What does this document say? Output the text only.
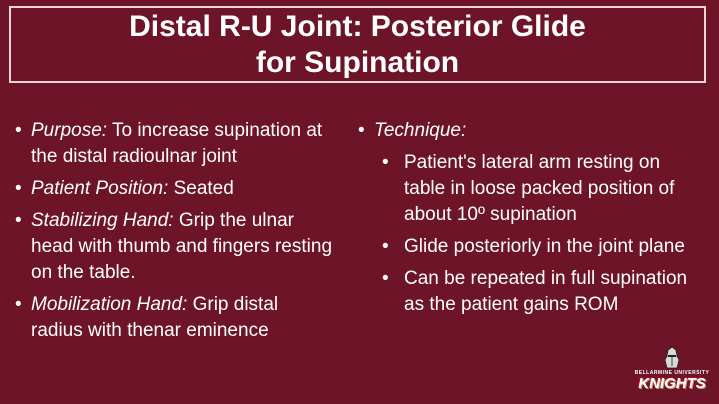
Distal R-U Joint: Posterior Glide
for Supination
• Purpose: To increase supination at the distal radioulnar joint
• Patient Position: Seated
• Stabilizing Hand: Grip the ulnar head with thumb and fingers resting on the table.
• Mobilization Hand: Grip distal radius with thenar eminence
• Technique:
• Patient's lateral arm resting on table in loose packed position of about 10º supination
• Glide posteriorly in the joint plane
• Can be repeated in full supination as the patient gains ROM
BELLARMINE UNIVERSITY
KNIGHTS
